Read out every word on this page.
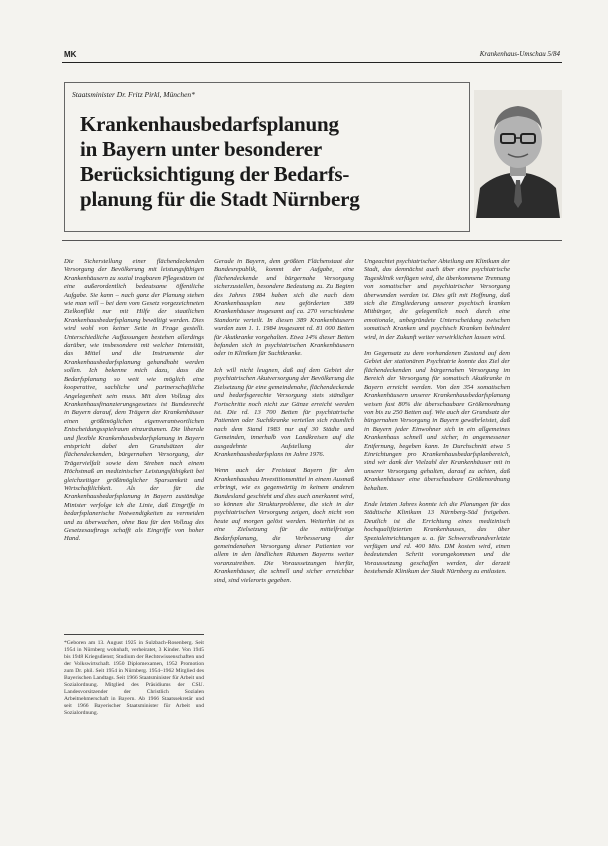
MK	Krankenhaus-Umschau 5/84
Staatsminister Dr. Fritz Pirkl, München*
Krankenhausbedarfsplanung
in Bayern unter besonderer
Berücksichtigung der Bedarfs-
planung für die Stadt Nürnberg

Die Sicherstellung einer flächendeckenden Versorgung der Bevölkerung mit leistungsfähigen Krankenhäusern zu sozial tragbaren Pflegesätzen ist eine außerordentlich bedeutsame öffentliche Aufgabe. Sie kann – nach ganz der Planung stehen wie man will – bei dem vom Gesetz vorgezeichneten Zielkonflikt nur mit Hilfe der staatlichen Krankenhausbedarfsplanung bewältigt werden. Dies wird wohl von keiner Seite in Frage gestellt. Unterschiedliche Auffassungen bestehen allerdings darüber, wie insbesondere mit welcher Intensität, das Mittel und die Instrumente der Krankenhausbedarfsplanung gehandhabt werden sollen. Ich bekenne mich dazu, dass die Bedarfsplanung so weit wie möglich eine kooperative, sachliche und partnerschaftliche Angelegenheit sein muss. Mit dem Vollzug des Krankenhausfinanzierungsgesetzes ist Bundesrecht in Bayern darauf, dem Trägern der Krankenhäuser einen größtmöglichen eigenverantwortlichen Entscheidungsspielraum einzuräumen. Die liberale und flexible Krankenhausbedarfsplanung in Bayern entspricht dabei den Grundsätzen der flächendeckenden, bürgernahen Versorgung, der Trägervielfalt sowie dem Streben nach einem Höchstmaß an medizinischer Leistungsfähigkeit bei gleichzeitiger größtmöglicher Sparsamkeit und Wirtschaftlichkeit. Als der für die Krankenhausbedarfsplanung in Bayern zuständige Minister verfolge ich die Linie, daß Eingriffe in bedarfsplanerische Notwendigkeiten zu vermeiden und zu überwachen, ohne Bau für den Vollzug des Gesetzesauftrags schafft als Eingriffe von hoher Hand.

Gerade in Bayern, dem größten Flächenstaat der Bundesrepublik, kommt der Aufgabe, eine flächendeckende und bürgernahe Versorgung sicherzustellen, besondere Bedeutung zu. Zu Beginn des Jahres 1984 haben sich die nach dem Krankenhausplan neu geförderten 389 Krankenhäuser insgesamt auf ca. 270 verschiedene Standorte verteilt. In diesen 389 Krankenhäusern wurden zum 1. 1. 1984 insgesamt rd. 81 000 Betten für Akutkranke vorgehalten. Etwa 14% dieser Betten befanden sich in psychiatrischen Krankenhäusern oder in Kliniken für Suchtkranke.

Ich will nicht leugnen, daß auf dem Gebiet der psychiatrischen Akutversorgung der Bevölkerung die Zielsetzung für eine gemeindenahe, flächendeckende und bedarfsgerechte Versorgung stets ständiger Fortschritte noch nicht zur Gänze erreicht werden ist. Die rd. 13 700 Betten für psychiatrische Patienten oder Suchtkranke verteilen sich räumlich nach dem Stand 1983 nur auf 30 Städte und Gemeinden, innerhalb von Landkreisen auf die ausgedehnte Aufstellung der Krankenhausbedarfsplans im Jahre 1976.

Wenn auch der Freistaat Bayern für den Krankenhausbau Investitionsmittel in einem Ausmaß erbringt, wie es gegenwärtig in keinem anderen Bundesland geschieht und dies auch anerkannt wird, so können die Strukturprobleme, die sich in der psychiatrischen Versorgung zeigen, doch nicht von heute auf morgen gelöst werden. Weiterhin ist es eine Zielsetzung für die mittelfristige Bedarfsplanung, die Verbesserung der gemeindenahen Versorgung dieser Patienten vor allem in den ländlichen Räumen Bayerns weiter voranzutreiben. Die Voraussetzungen hierfür, Krankenhäuser, die schnell und sicher erreichbar sind, sind vielerorts gegeben.

Ungeachtet psychiatrischer Abteilung am Klinikum der Stadt, das demnächst auch über eine psychiatrische Tagesklinik verfügen wird, die überkommene Trennung von somatischer und psychiatrischer Versorgung überwunden werden ist. Dies gilt mit Hoffnung, daß sich die Eingliederung unserer psychisch kranken Mitbürger, die gelegentlich noch durch eine emotionale, unbegründete Unterscheidung zwischen somatisch Kranken und psychisch Kranken behindert wird, in der Zukunft weiter verwirklichen lassen wird.

Im Gegensatz zu dem vorhandenen Zustand auf dem Gebiet der stationären Psychiatrie konnte das Ziel der flächendeckenden und bürgernahen Versorgung im Bereich der Versorgung für somatisch Akutkranke in Bayern erreicht werden. Von den 354 somatischen Krankenhäusern unserer Krankenhausbedarfsplanung weisen fast 80% die überschaubare Größenordnung von bis zu 250 Betten auf. Wie auch der Grundsatz der bürgernahen Versorgung in Bayern gewährleistet, daß in Bayern jeder Einwohner sich in ein allgemeines Krankenhaus schnell und sicher, in angemessener Entfernung, begeben kann. In Durchschnitt etwa 5 Einrichtungen pro Krankenhausbedarfsplanbereich, sind wir dank der Vielzahl der Krankenhäuser mit in unserer Versorgung gehalten, darauf zu achten, daß Krankenhäuser eine überschaubare Größenordnung behalten.

Ende letzten Jahres konnte ich die Planungen für das Städtische Klinikum 13 Nürnberg-Süd freigeben. Deutlich ist die Errichtung eines medizinisch hochqualifizierten Krankenhauses, das über Spezialeinrichtungen u. a. für Schwerstbrandverletzte verfügen und rd. 400 Mio. DM kosten wird, einen bedeutenden Schritt vorangekommen und die Voraussetzung geschaffen werden, der derzeit bestehende Klinikum der Stadt Nürnberg zu entlasten.

*Geboren am 13. August 1925 in Sulzbach-Rosenberg. Seit 1954 in Nürnberg wohnhaft, verheiratet, 3 Kinder. Von 1945 bis 1948 Kriegsdienst; Studium der Rechtswissenschaften und der Volkswirtschaft. 1950 Diplomexamen, 1952 Promotion zum Dr. phil. Seit 1954 in Nürnberg. 1954–1962 Mitglied des Bayerischen Landtags. Seit 1966 Staatsminister für Arbeit und Sozialordnung. Mitglied des Präsidiums der CSU. Landesvorsitzender der Christlich Sozialen Arbeitnehmerschaft in Bayern. Ab 1966 Staatssekretär und seit 1966 Bayerischer Staatsminister für Arbeit und Sozialordnung.
